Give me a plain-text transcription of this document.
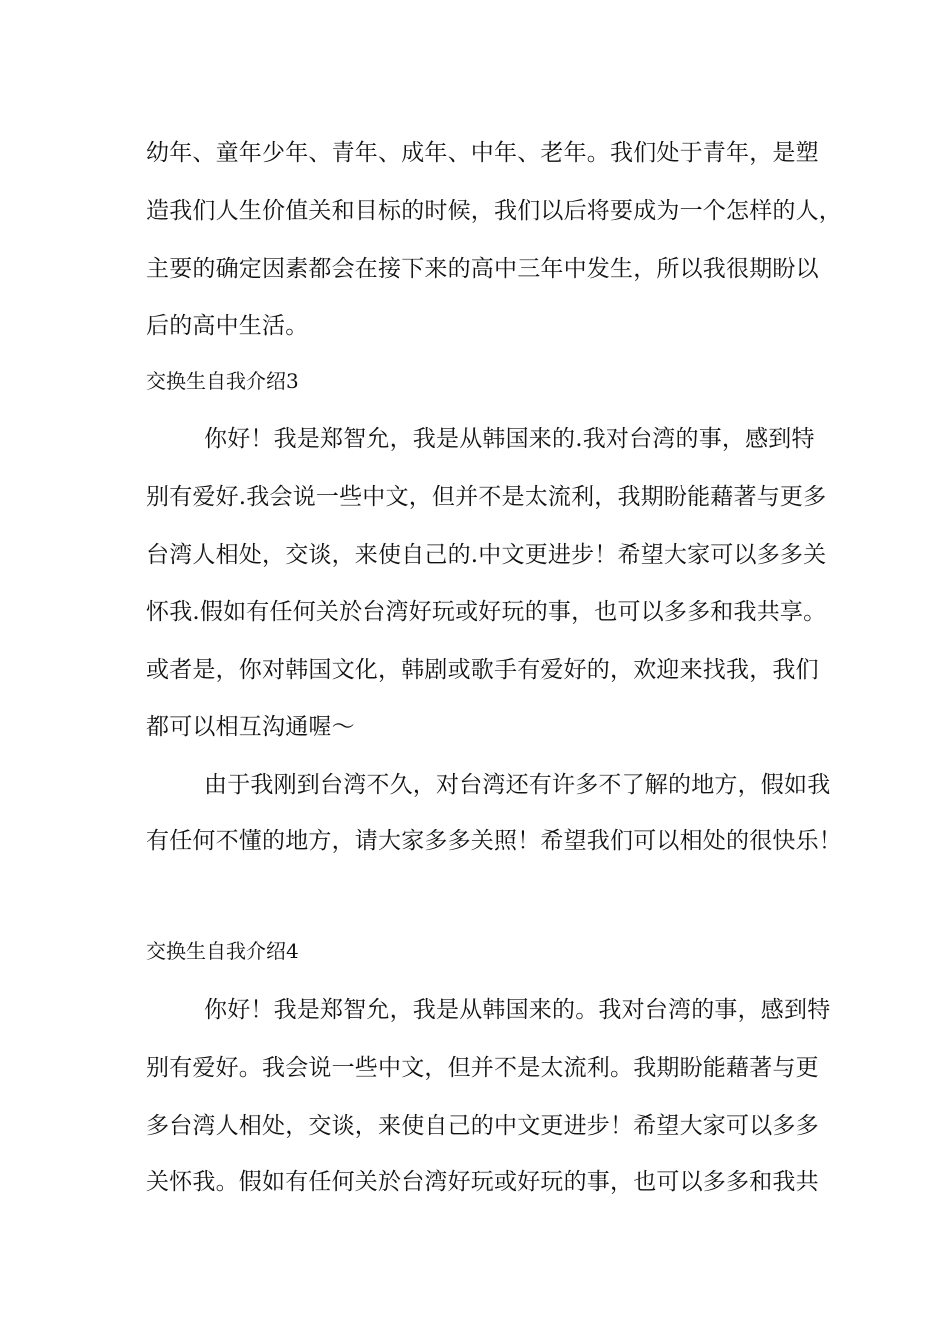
幼年、童年少年、青年、成年、中年、老年。我们处于青年，是塑
造我们人生价值关和目标的时候，我们以后将要成为一个怎样的人，
主要的确定因素都会在接下来的高中三年中发生，所以我很期盼以
后的高中生活。
交换生自我介绍3
你好！我是郑智允，我是从韩国来的.我对台湾的事，感到特
别有爱好.我会说一些中文，但并不是太流利，我期盼能藉著与更多
台湾人相处，交谈，来使自己的.中文更进步！希望大家可以多多关
怀我.假如有任何关於台湾好玩或好玩的事，也可以多多和我共享。
或者是，你对韩国文化，韩剧或歌手有爱好的，欢迎来找我，我们
都可以相互沟通喔～
由于我刚到台湾不久，对台湾还有许多不了解的地方，假如我
有任何不懂的地方，请大家多多关照！希望我们可以相处的很快乐！
交换生自我介绍4
你好！我是郑智允，我是从韩国来的。我对台湾的事，感到特
别有爱好。我会说一些中文，但并不是太流利。我期盼能藉著与更
多台湾人相处，交谈，来使自己的中文更进步！希望大家可以多多
关怀我。假如有任何关於台湾好玩或好玩的事，也可以多多和我共
